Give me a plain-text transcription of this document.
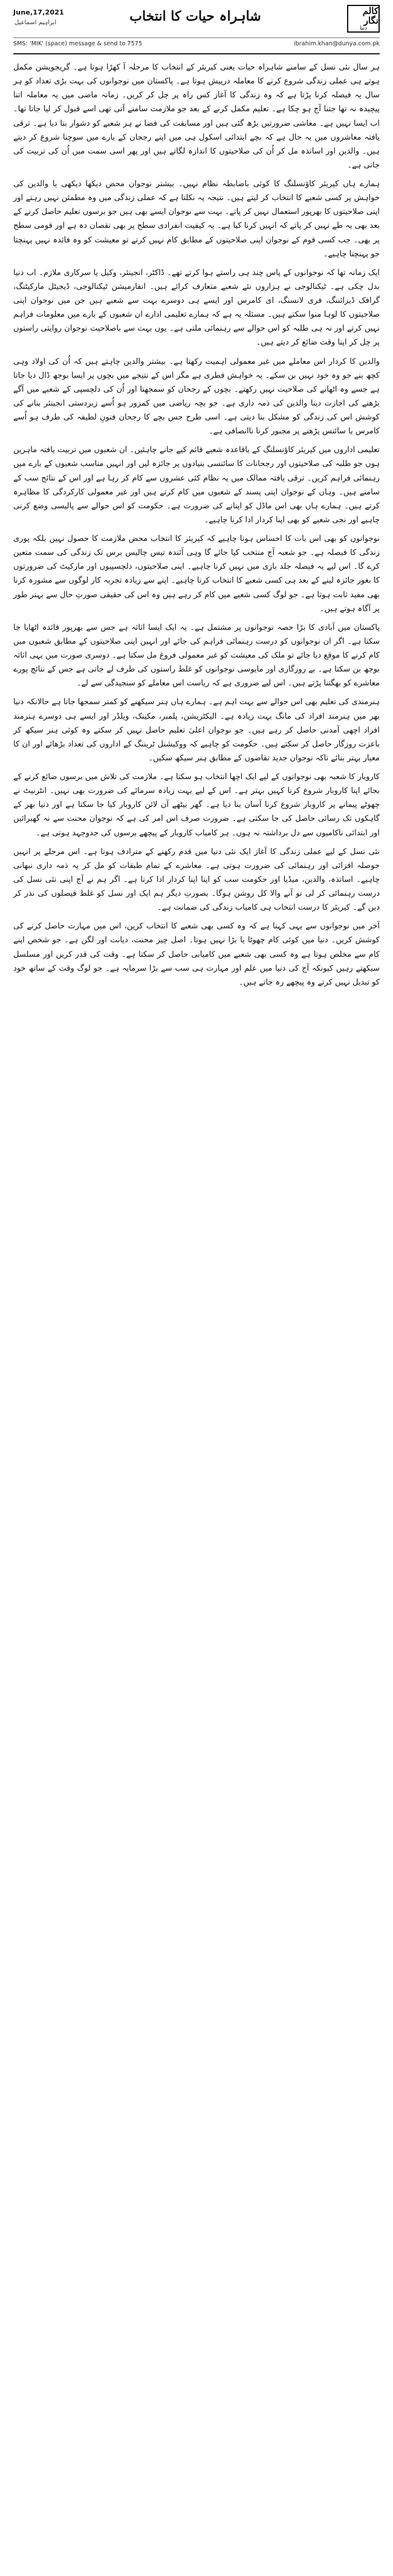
کالم نگار
دنیا
شاہراہ حیات کا انتخاب
June,17,2021
ابراہیم اسماعیل
SMS: 'MIK' (space) message & send to 7575	ibrahim.khan@dunya.com.pk

ہر سال نئی نسل کے سامنے شاہراہ حیات یعنی کیریئر کے انتخاب کا مرحلہ آ کھڑا ہوتا ہے۔ گریجویشن مکمل ہوتے ہی عملی زندگی شروع کرنے کا معاملہ درپیش ہوتا ہے۔ پاکستان میں نوجوانوں کی بہت بڑی تعداد کو ہر سال یہ فیصلہ کرنا پڑتا ہے کہ وہ زندگی کا آغاز کس راہ پر چل کر کریں۔ زمانہ ماضی میں یہ معاملہ اتنا پیچیدہ نہ تھا جتنا آج ہو چکا ہے۔ تعلیم مکمل کرنے کے بعد جو ملازمت سامنے آتی تھی اسے قبول کر لیا جاتا تھا۔ اب ایسا نہیں ہے۔ معاشی ضرورتیں بڑھ گئی ہیں اور مسابقت کی فضا نے ہر شعبے کو دشوار بنا دیا ہے۔ ترقی یافتہ معاشروں میں یہ حال ہے کہ بچے ابتدائی اسکول ہی میں اپنے رجحان کے بارے میں سوچنا شروع کر دیتے ہیں۔ والدین اور اساتذہ مل کر اُن کی صلاحیتوں کا اندازہ لگاتے ہیں اور پھر اسی سمت میں اُن کی تربیت کی جاتی ہے۔

ہمارے ہاں کیریئر کاؤنسلنگ کا کوئی باضابطہ نظام نہیں۔ بیشتر نوجوان محض دیکھا دیکھی یا والدین کی خواہش پر کسی شعبے کا انتخاب کر لیتے ہیں۔ نتیجہ یہ نکلتا ہے کہ عملی زندگی میں وہ مطمئن نہیں رہتے اور اپنی صلاحیتوں کا بھرپور استعمال نہیں کر پاتے۔ بہت سے نوجوان ایسے بھی ہیں جو برسوں تعلیم حاصل کرنے کے بعد بھی یہ طے نہیں کر پاتے کہ انہیں کرنا کیا ہے۔ یہ کیفیت انفرادی سطح پر بھی نقصان دہ ہے اور قومی سطح پر بھی۔ جب کسی قوم کے نوجوان اپنی صلاحیتوں کے مطابق کام نہیں کرتے تو معیشت کو وہ فائدہ نہیں پہنچتا جو پہنچنا چاہیے۔

ایک زمانہ تھا کہ نوجوانوں کے پاس چند ہی راستے ہوا کرتے تھے۔ ڈاکٹر، انجینئر، وکیل یا سرکاری ملازم۔ اب دنیا بدل چکی ہے۔ ٹیکنالوجی نے ہزاروں نئے شعبے متعارف کرائے ہیں۔ انفارمیشن ٹیکنالوجی، ڈیجیٹل مارکیٹنگ، گرافک ڈیزائننگ، فری لانسنگ، ای کامرس اور ایسے ہی دوسرے بہت سے شعبے ہیں جن میں نوجوان اپنی صلاحیتوں کا لوہا منوا سکتے ہیں۔ مسئلہ یہ ہے کہ ہمارے تعلیمی ادارے ان شعبوں کے بارے میں معلومات فراہم نہیں کرتے اور نہ ہی طلبہ کو اس حوالے سے رہنمائی ملتی ہے۔ یوں بہت سے باصلاحیت نوجوان روایتی راستوں پر چل کر اپنا وقت ضائع کر دیتے ہیں۔

والدین کا کردار اس معاملے میں غیر معمولی اہمیت رکھتا ہے۔ بیشتر والدین چاہتے ہیں کہ اُن کی اولاد وہی کچھ بنے جو وہ خود نہیں بن سکے۔ یہ خواہش فطری ہے مگر اس کے نتیجے میں بچوں پر ایسا بوجھ ڈال دیا جاتا ہے جسے وہ اٹھانے کی صلاحیت نہیں رکھتے۔ بچوں کے رجحان کو سمجھنا اور اُن کی دلچسپی کے شعبے میں آگے بڑھنے کی اجازت دینا والدین کی ذمہ داری ہے۔ جو بچہ ریاضی میں کمزور ہو اُسے زبردستی انجینئر بنانے کی کوشش اس کی زندگی کو مشکل بنا دیتی ہے۔ اسی طرح جس بچے کا رجحان فنونِ لطیفہ کی طرف ہو اُسے کامرس یا سائنس پڑھنے پر مجبور کرنا ناانصافی ہے۔

تعلیمی اداروں میں کیریئر کاؤنسلنگ کے باقاعدہ شعبے قائم کیے جانے چاہئیں۔ ان شعبوں میں تربیت یافتہ ماہرین ہوں جو طلبہ کی صلاحیتوں اور رجحانات کا سائنسی بنیادوں پر جائزہ لیں اور انہیں مناسب شعبوں کے بارے میں رہنمائی فراہم کریں۔ ترقی یافتہ ممالک میں یہ نظام کئی عشروں سے کام کر رہا ہے اور اس کے نتائج سب کے سامنے ہیں۔ وہاں کے نوجوان اپنی پسند کے شعبوں میں کام کرتے ہیں اور غیر معمولی کارکردگی کا مظاہرہ کرتے ہیں۔ ہمارے ہاں بھی اس ماڈل کو اپنانے کی ضرورت ہے۔ حکومت کو اس حوالے سے پالیسی وضع کرنی چاہیے اور نجی شعبے کو بھی اپنا کردار ادا کرنا چاہیے۔

نوجوانوں کو بھی اس بات کا احساس ہونا چاہیے کہ کیریئر کا انتخاب محض ملازمت کا حصول نہیں بلکہ پوری زندگی کا فیصلہ ہے۔ جو شعبہ آج منتخب کیا جائے گا وہی آئندہ تیس چالیس برس تک زندگی کی سمت متعین کرے گا۔ اس لیے یہ فیصلہ جلد بازی میں نہیں کرنا چاہیے۔ اپنی صلاحیتوں، دلچسپیوں اور مارکیٹ کی ضرورتوں کا بغور جائزہ لینے کے بعد ہی کسی شعبے کا انتخاب کرنا چاہیے۔ اپنے سے زیادہ تجربہ کار لوگوں سے مشورہ کرنا بھی مفید ثابت ہوتا ہے۔ جو لوگ کسی شعبے میں کام کر رہے ہیں وہ اس کی حقیقی صورتِ حال سے بہتر طور پر آگاہ ہوتے ہیں۔

پاکستان میں آبادی کا بڑا حصہ نوجوانوں پر مشتمل ہے۔ یہ ایک ایسا اثاثہ ہے جس سے بھرپور فائدہ اٹھایا جا سکتا ہے۔ اگر ان نوجوانوں کو درست رہنمائی فراہم کی جائے اور انہیں اپنی صلاحیتوں کے مطابق شعبوں میں کام کرنے کا موقع دیا جائے تو ملک کی معیشت کو غیر معمولی فروغ مل سکتا ہے۔ دوسری صورت میں یہی اثاثہ بوجھ بن سکتا ہے۔ بے روزگاری اور مایوسی نوجوانوں کو غلط راستوں کی طرف لے جاتی ہے جس کے نتائج پورے معاشرے کو بھگتنا پڑتے ہیں۔ اس لیے ضروری ہے کہ ریاست اس معاملے کو سنجیدگی سے لے۔

ہنرمندی کی تعلیم بھی اس حوالے سے بہت اہم ہے۔ ہمارے ہاں ہنر سیکھنے کو کمتر سمجھا جاتا ہے حالانکہ دنیا بھر میں ہنرمند افراد کی مانگ بہت زیادہ ہے۔ الیکٹریشن، پلمبر، مکینک، ویلڈر اور ایسے ہی دوسرے ہنرمند افراد اچھی آمدنی حاصل کر رہے ہیں۔ جو نوجوان اعلیٰ تعلیم حاصل نہیں کر سکتے وہ کوئی ہنر سیکھ کر باعزت روزگار حاصل کر سکتے ہیں۔ حکومت کو چاہیے کہ ووکیشنل ٹریننگ کے اداروں کی تعداد بڑھائے اور ان کا معیار بہتر بنائے تاکہ نوجوان جدید تقاضوں کے مطابق ہنر سیکھ سکیں۔

کاروبار کا شعبہ بھی نوجوانوں کے لیے ایک اچھا انتخاب ہو سکتا ہے۔ ملازمت کی تلاش میں برسوں ضائع کرنے کے بجائے اپنا کاروبار شروع کرنا کہیں بہتر ہے۔ اس کے لیے بہت زیادہ سرمائے کی ضرورت بھی نہیں۔ انٹرنیٹ نے چھوٹے پیمانے پر کاروبار شروع کرنا آسان بنا دیا ہے۔ گھر بیٹھے آن لائن کاروبار کیا جا سکتا ہے اور دنیا بھر کے گاہکوں تک رسائی حاصل کی جا سکتی ہے۔ ضرورت صرف اس امر کی ہے کہ نوجوان محنت سے نہ گھبرائیں اور ابتدائی ناکامیوں سے دل برداشتہ نہ ہوں۔ ہر کامیاب کاروبار کے پیچھے برسوں کی جدوجہد ہوتی ہے۔

نئی نسل کے لیے عملی زندگی کا آغاز ایک نئی دنیا میں قدم رکھنے کے مترادف ہوتا ہے۔ اس مرحلے پر انہیں حوصلہ افزائی اور رہنمائی کی ضرورت ہوتی ہے۔ معاشرے کے تمام طبقات کو مل کر یہ ذمہ داری نبھانی چاہیے۔ اساتذہ، والدین، میڈیا اور حکومت سب کو اپنا اپنا کردار ادا کرنا ہے۔ اگر ہم نے آج اپنی نئی نسل کی درست رہنمائی کر لی تو آنے والا کل روشن ہوگا۔ بصورتِ دیگر ہم ایک اور نسل کو غلط فیصلوں کی نذر کر دیں گے۔ کیریئر کا درست انتخاب ہی کامیاب زندگی کی ضمانت ہے۔

آخر میں نوجوانوں سے یہی کہنا ہے کہ وہ کسی بھی شعبے کا انتخاب کریں، اس میں مہارت حاصل کرنے کی کوشش کریں۔ دنیا میں کوئی کام چھوٹا یا بڑا نہیں ہوتا۔ اصل چیز محنت، دیانت اور لگن ہے۔ جو شخص اپنے کام سے مخلص ہوتا ہے وہ کسی بھی شعبے میں کامیابی حاصل کر سکتا ہے۔ وقت کی قدر کریں اور مسلسل سیکھتے رہیں کیونکہ آج کی دنیا میں علم اور مہارت ہی سب سے بڑا سرمایہ ہے۔ جو لوگ وقت کے ساتھ خود کو تبدیل نہیں کرتے وہ پیچھے رہ جاتے ہیں۔
